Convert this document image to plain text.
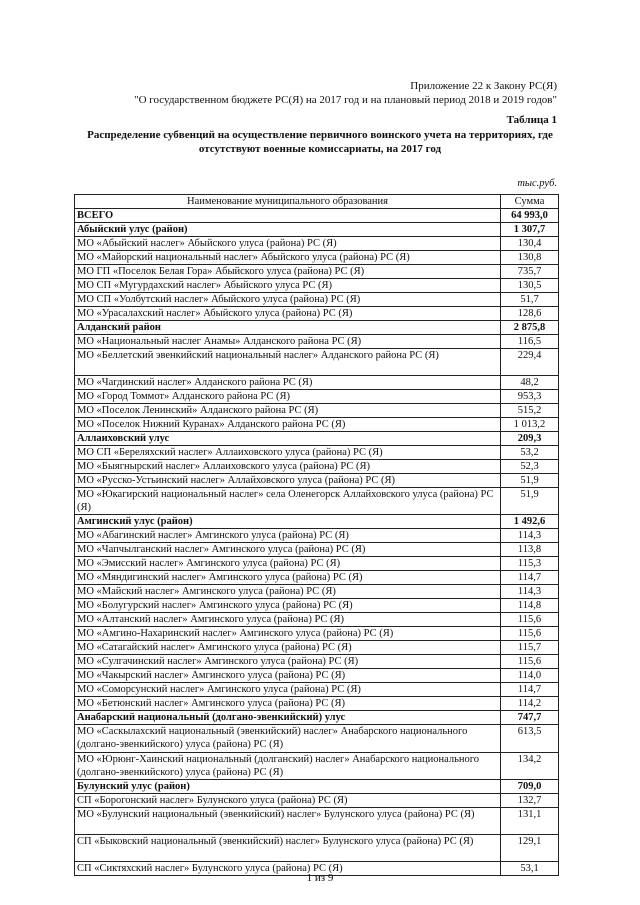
Приложение 22 к Закону РС(Я)
"О государственном бюджете РС(Я) на 2017 год и на плановый период 2018 и 2019 годов"
Таблица 1
Распределение субвенций на осуществление первичного воинского учета на территориях, где отсутствуют военные комиссариаты, на 2017 год
тыс.руб.
Наименование муниципального образования	Сумма
ВСЕГО	64 993,0
Абыйский улус (район)	1 307,7
МО «Абыйский наслег» Абыйского улуса (района) РС (Я)	130,4
МО «Майорский национальный наслег» Абыйского улуса (района) РС (Я)	130,8
МО ГП «Поселок Белая Гора» Абыйского улуса (района) РС (Я)	735,7
МО СП «Мугурдахский наслег» Абыйского улуса РС (Я)	130,5
МО СП «Уолбутский наслег» Абыйского улуса (района) РС (Я)	51,7
МО «Урасалахский наслег» Абыйского улуса (района) РС (Я)	128,6
Алданский район	2 875,8
МО «Национальный наслег Анамы» Алданского района РС (Я)	116,5
МО «Беллетский эвенкийский национальный наслег» Алданского района РС (Я)	229,4
МО «Чагдинский наслег» Алданского района РС (Я)	48,2
МО «Город Томмот» Алданского района РС (Я)	953,3
МО «Поселок Ленинский» Алданского района РС (Я)	515,2
МО «Поселок Нижний Куранах» Алданского района РС (Я)	1 013,2
Аллаиховский улус	209,3
МО СП «Береляхский наслег» Аллаиховского улуса (района) РС (Я)	53,2
МО «Быягнырский наслег» Аллаиховского улуса (района) РС (Я)	52,3
МО «Русско-Устьинский наслег» Аллайховского улуса (района) РС (Я)	51,9
МО «Юкагирский национальный наслег» села Оленегорск Аллайховского улуса (района) РС (Я)	51,9
Амгинский улус (район)	1 492,6
МО «Абагинский наслег» Амгинского улуса (района) РС (Я)	114,3
МО «Чапчылганский наслег» Амгинского улуса (района) РС (Я)	113,8
МО «Эмисский наслег» Амгинского улуса (района) РС (Я)	115,3
МО «Мяндигинский наслег» Амгинского улуса (района) РС (Я)	114,7
МО «Майский наслег» Амгинского улуса (района) РС (Я)	114,3
МО «Болугурский наслег» Амгинского улуса (района) РС (Я)	114,8
МО «Алтанский наслег» Амгинского улуса (района) РС (Я)	115,6
МО «Амгино-Нахаринский наслег» Амгинского улуса (района) РС (Я)	115,6
МО «Сатагайский наслег» Амгинского улуса (района) РС (Я)	115,7
МО «Сулгачинский наслег» Амгинского улуса (района) РС (Я)	115,6
МО «Чакырский наслег» Амгинского улуса (района) РС (Я)	114,0
МО «Соморсунский наслег» Амгинского улуса (района) РС (Я)	114,7
МО «Бетюнский наслег» Амгинского улуса (района) РС (Я)	114,2
Анабарский национальный (долгано-эвенкийский) улус	747,7
МО «Саскылахский национальный (эвенкийский) наслег» Анабарского национального (долгано-эвенкийского) улуса (района) РС (Я)	613,5
МО «Юрюнг-Хаинский национальный (долганский) наслег» Анабарского национального (долгано-эвенкийского) улуса (района) РС (Я)	134,2
Булунский улус (район)	709,0
СП «Борогонский наслег» Булунского улуса (района) РС (Я)	132,7
МО «Булунский национальный (эвенкийский) наслег» Булунского улуса (района) РС (Я)	131,1
СП «Быковский национальный (эвенкийский) наслег» Булунского улуса (района) РС (Я)	129,1
СП «Сиктяхский наслег» Булунского улуса (района) РС (Я)	53,1
1 из 9
